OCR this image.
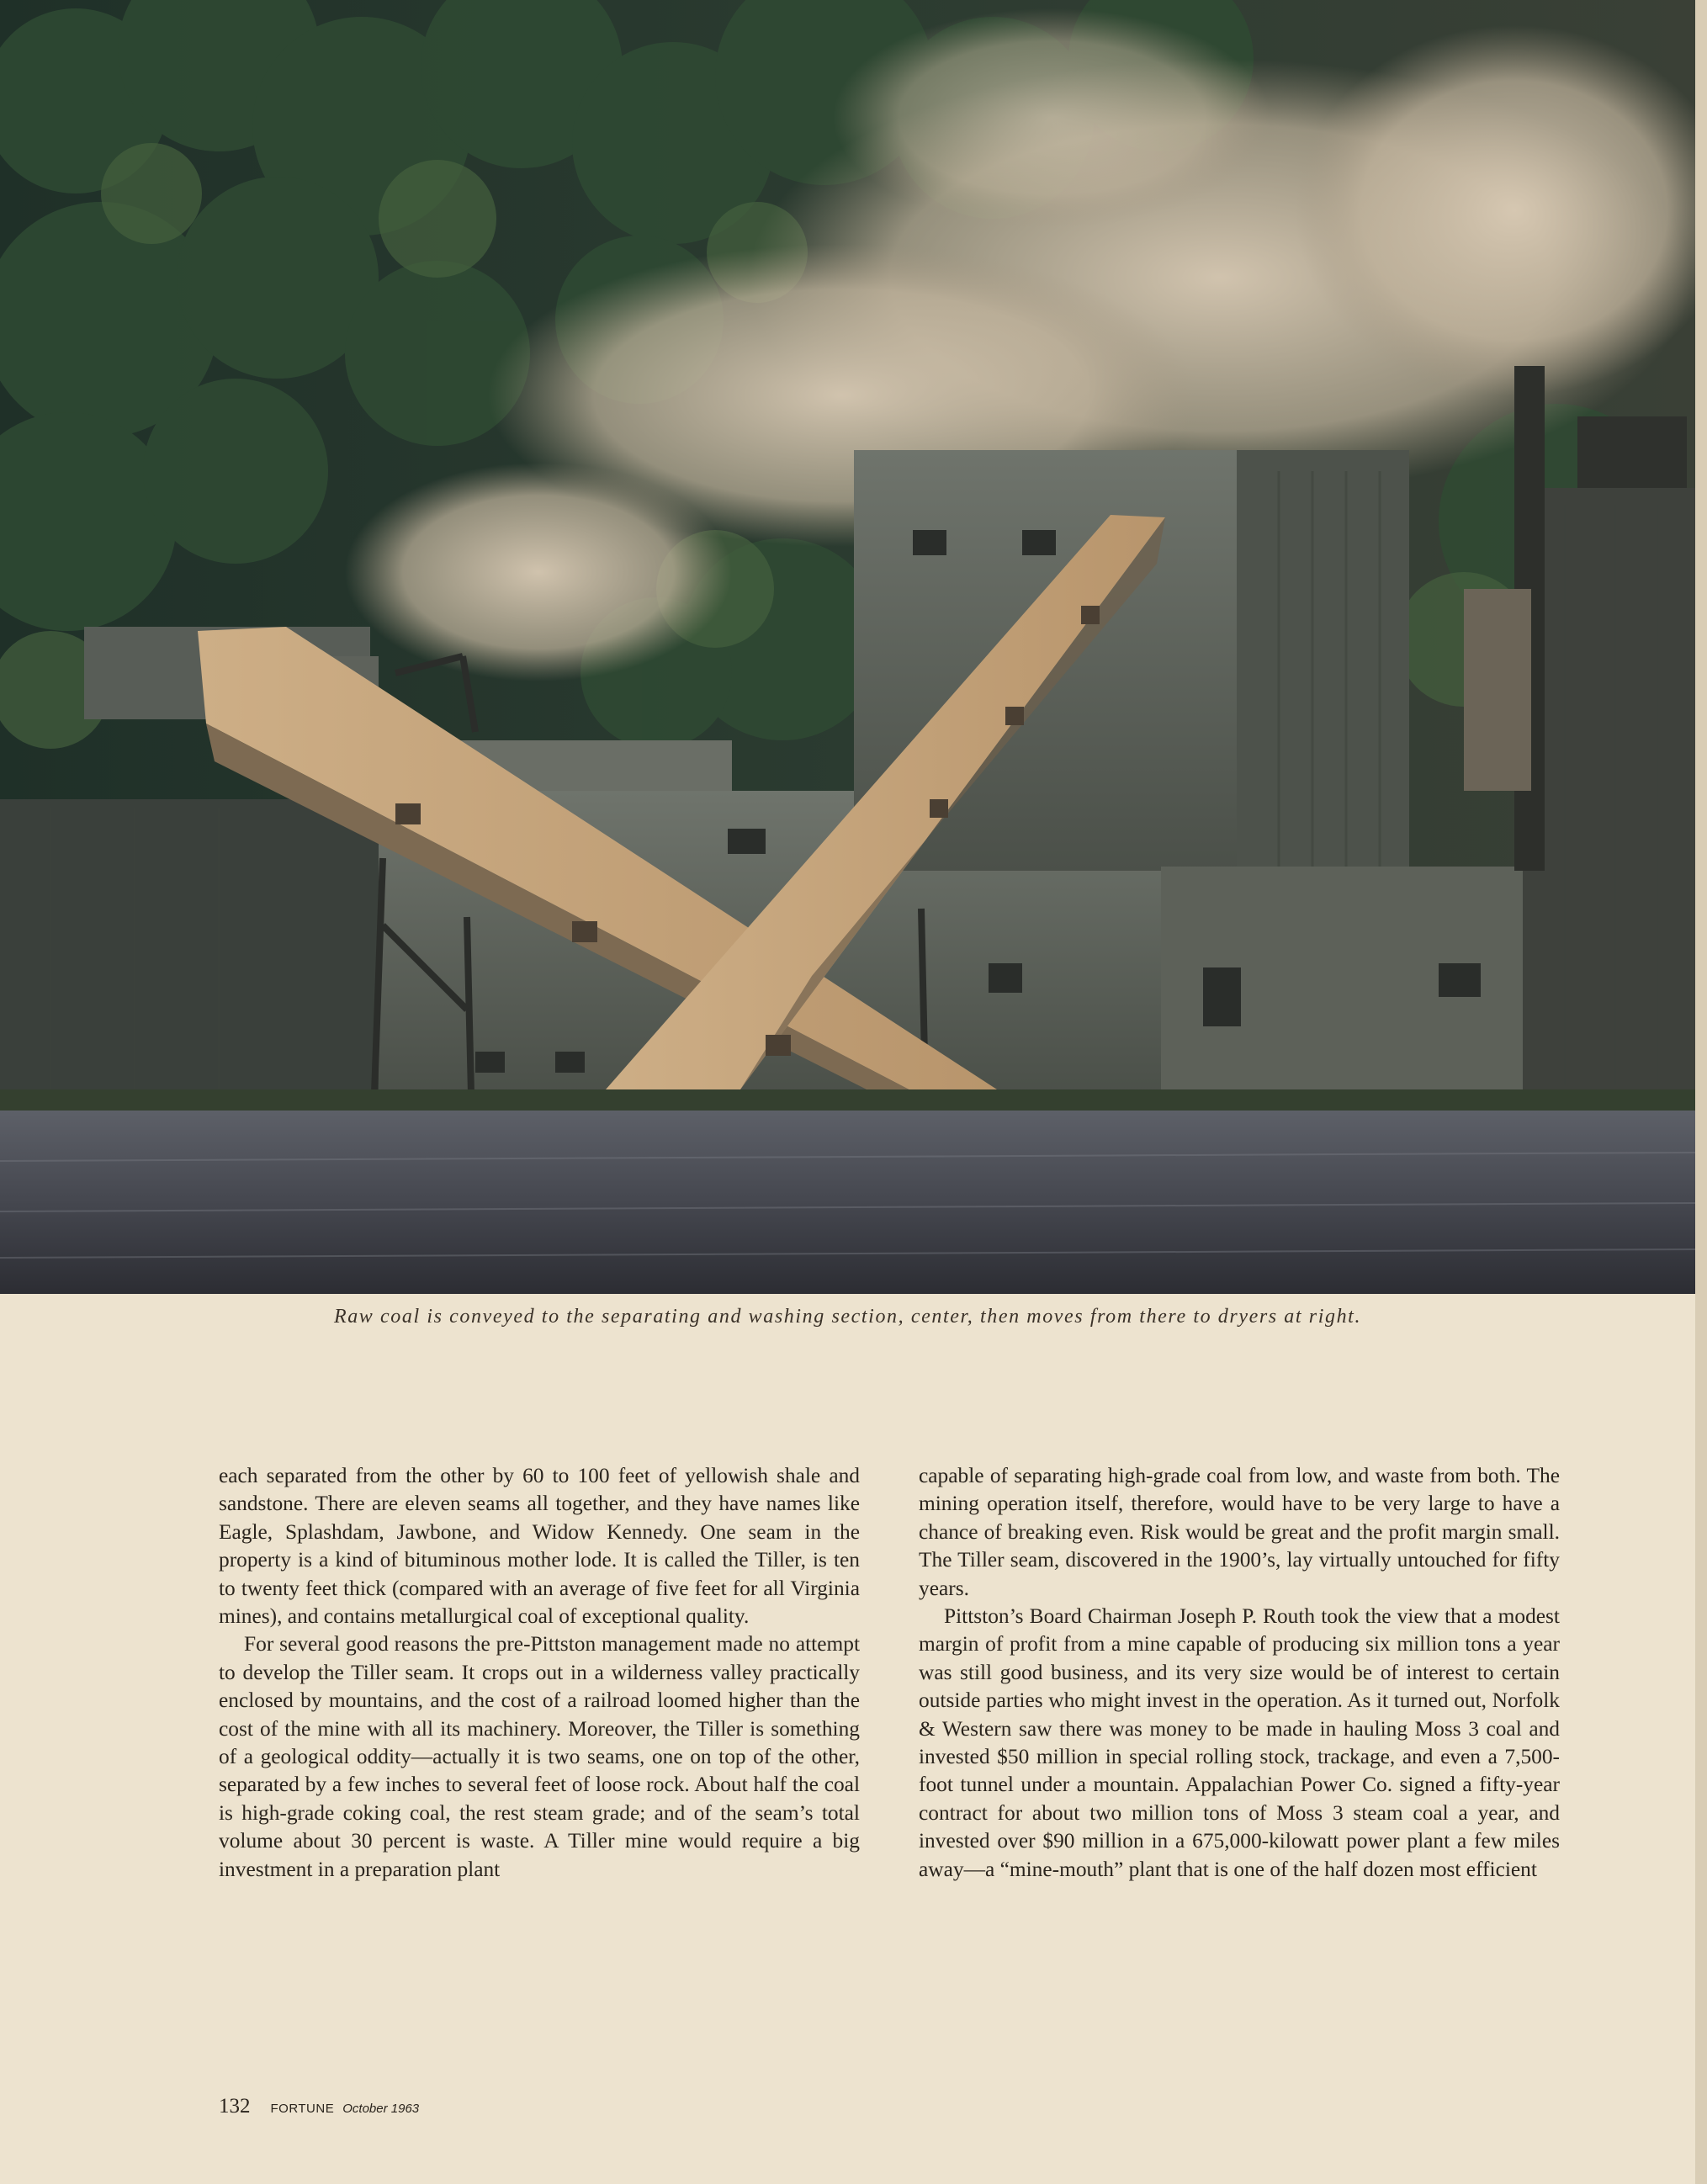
Raw coal is conveyed to the separating and washing section, center, then moves from there to dryers at right.

each separated from the other by 60 to 100 feet of yellowish shale and sandstone. There are eleven seams all together, and they have names like Eagle, Splashdam, Jawbone, and Widow Kennedy. One seam in the property is a kind of bituminous mother lode. It is called the Tiller, is ten to twenty feet thick (compared with an average of five feet for all Virginia mines), and contains metallurgical coal of exceptional quality.

For several good reasons the pre-Pittston management made no attempt to develop the Tiller seam. It crops out in a wilderness valley practically enclosed by mountains, and the cost of a railroad loomed higher than the cost of the mine with all its machinery. Moreover, the Tiller is something of a geological oddity—actually it is two seams, one on top of the other, separated by a few inches to several feet of loose rock. About half the coal is high-grade coking coal, the rest steam grade; and of the seam’s total volume about 30 percent is waste. A Tiller mine would require a big investment in a preparation plant

capable of separating high-grade coal from low, and waste from both. The mining operation itself, therefore, would have to be very large to have a chance of breaking even. Risk would be great and the profit margin small. The Tiller seam, discovered in the 1900’s, lay virtually untouched for fifty years.

Pittston’s Board Chairman Joseph P. Routh took the view that a modest margin of profit from a mine capable of producing six million tons a year was still good business, and its very size would be of interest to certain outside parties who might invest in the operation. As it turned out, Norfolk & Western saw there was money to be made in hauling Moss 3 coal and invested $50 million in special rolling stock, trackage, and even a 7,500-foot tunnel under a mountain. Appalachian Power Co. signed a fifty-year contract for about two million tons of Moss 3 steam coal a year, and invested over $90 million in a 675,000-kilowatt power plant a few miles away—a “mine-mouth” plant that is one of the half dozen most efficient

132 FORTUNE October 1963
